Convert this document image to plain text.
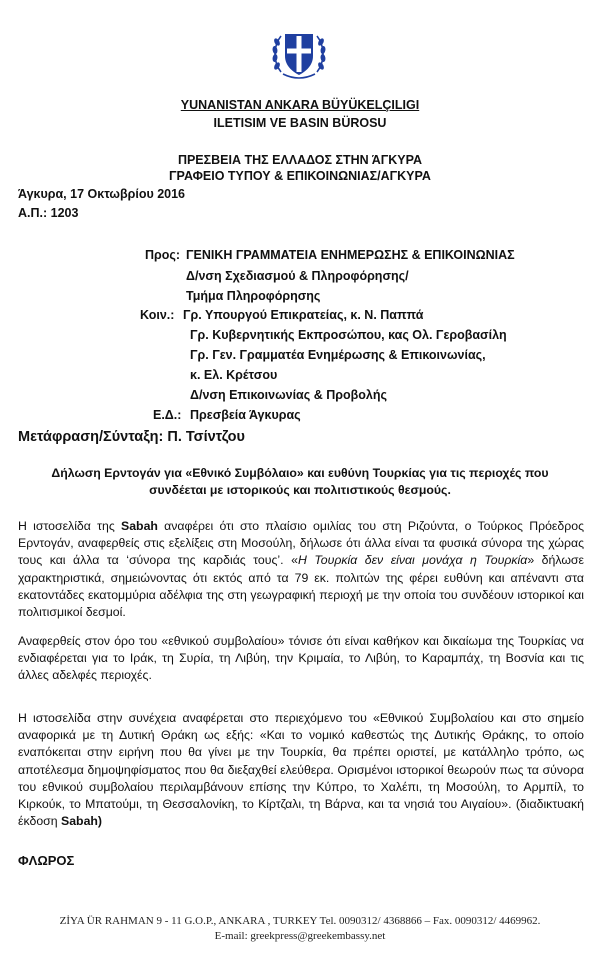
YUNANISTAN ANKARA BÜYÜKELÇILIGI
ILETISIM VE BASIN BÜROSU
ΠΡΕΣΒΕΙΑ ΤΗΣ ΕΛΛΑΔΟΣ ΣΤΗΝ ΆΓΚΥΡΑ
ΓΡΑΦΕΙΟ ΤΥΠΟΥ & ΕΠΙΚΟΙΝΩΝΙΑΣ/ΑΓΚΥΡΑ
Άγκυρα, 17 Οκτωβρίου 2016
Α.Π.: 1203
Προς: ΓΕΝΙΚΗ ΓΡΑΜΜΑΤΕΙΑ ΕΝΗΜΕΡΩΣΗΣ & ΕΠΙΚΟΙΝΩΝΙΑΣ
Δ/νση Σχεδιασμού & Πληροφόρησης/
Τμήμα Πληροφόρησης
Κοιν.: Γρ. Υπουργού Επικρατείας, κ. Ν. Παππά
Γρ. Κυβερνητικής Εκπροσώπου, κας Ολ. Γεροβασίλη
Γρ. Γεν. Γραμματέα Ενημέρωσης & Επικοινωνίας,
κ. Ελ. Κρέτσου
Δ/νση Επικοινωνίας & Προβολής
Ε.Δ.: Πρεσβεία Άγκυρας
Μετάφραση/Σύνταξη: Π. Τσίντζου
Δήλωση Ερντογάν για «Εθνικό Συμβόλαιο» και ευθύνη Τουρκίας για τις περιοχές που
συνδέεται με ιστορικούς και πολιτιστικούς θεσμούς.
Η ιστοσελίδα της Sabah αναφέρει ότι στο πλαίσιο ομιλίας του στη Ριζούντα, ο Τούρκος Πρόεδρος Ερντογάν, αναφερθείς στις εξελίξεις στη Μοσούλη, δήλωσε ότι άλλα είναι τα φυσικά σύνορα της χώρας τους και άλλα τα ‘σύνορα της καρδιάς τους’. «Η Τουρκία δεν είναι μονάχα η Τουρκία» δήλωσε χαρακτηριστικά, σημειώνοντας ότι εκτός από τα 79 εκ. πολιτών της φέρει ευθύνη και απέναντι στα εκατοντάδες εκατομμύρια αδέλφια της στη γεωγραφική περιοχή με την οποία του συνδέουν ιστορικοί και πολιτισμικοί δεσμοί.
Αναφερθείς στον όρο του «εθνικού συμβολαίου» τόνισε ότι είναι καθήκον και δικαίωμα της Τουρκίας να ενδιαφέρεται για το Ιράκ, τη Συρία, τη Λιβύη, την Κριμαία, το Λιβύη, το Καραμπάχ, τη Βοσνία και τις άλλες αδελφές περιοχές.
Η ιστοσελίδα στην συνέχεια αναφέρεται στο περιεχόμενο του «Εθνικού Συμβολαίου και στο σημείο αναφορικά με τη Δυτική Θράκη ως εξής: «Και το νομικό καθεστώς της Δυτικής Θράκης, το οποίο εναπόκειται στην ειρήνη που θα γίνει με την Τουρκία, θα πρέπει οριστεί, με κατάλληλο τρόπο, ως αποτέλεσμα δημοψηφίσματος που θα διεξαχθεί ελεύθερα. Ορισμένοι ιστορικοί θεωρούν πως τα σύνορα του εθνικού συμβολαίου περιλαμβάνουν επίσης την Κύπρο, το Χαλέπι, τη Μοσούλη, το Αρμπίλ, το Κιρκούκ, το Μπατούμι, τη Θεσσαλονίκη, το Κίρτζαλι, τη Βάρνα, και τα νησιά του Αιγαίου». (διαδικτυακή έκδοση Sabah)
ΦΛΩΡΟΣ
ZİYA ÜR RAHMAN 9 - 11 G.O.P., ANKARA , TURKEY Tel. 0090312/ 4368866 – Fax. 0090312/ 4469962.
E-mail: greekpress@greekembassy.net
